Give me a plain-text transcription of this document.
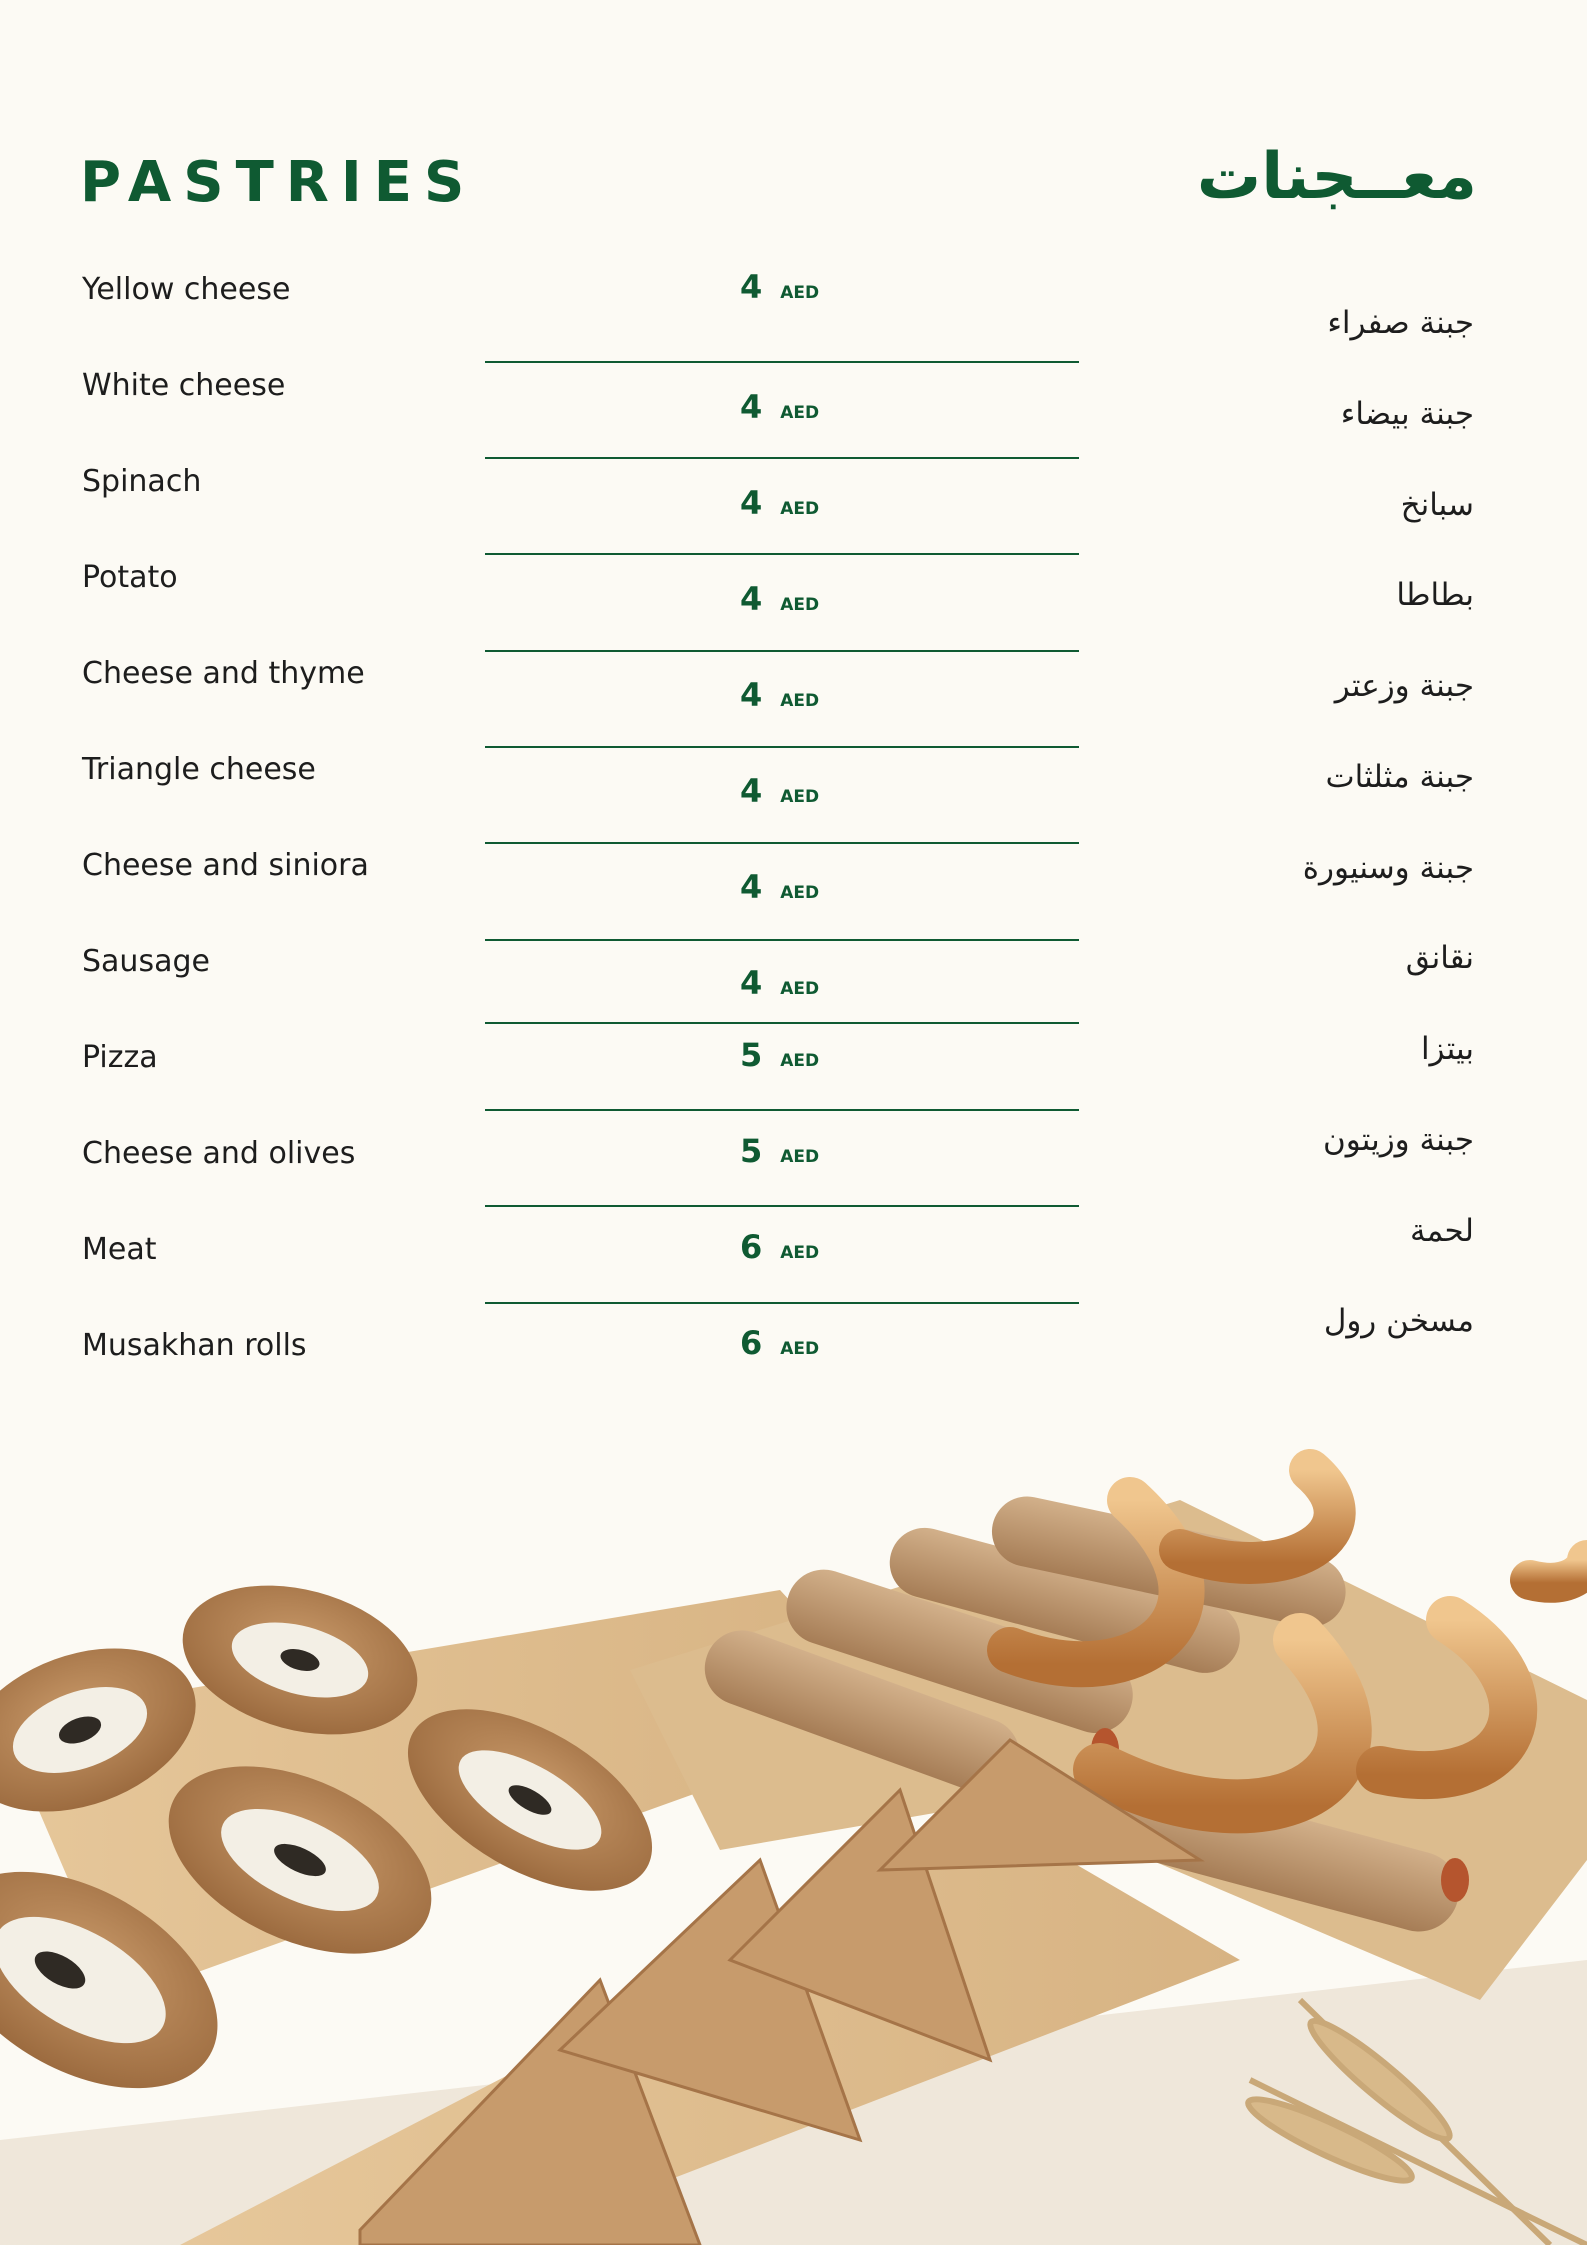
PASTRIES	معــجنات
Yellow cheese
White cheese
Spinach
Potato
Cheese and thyme
Triangle cheese
Cheese and siniora
Sausage
Pizza
Cheese and olives
Meat
Musakhan rolls
4 AED
4 AED
4 AED
4 AED
4 AED
4 AED
4 AED
4 AED
5 AED
5 AED
6 AED
6 AED
جبنة صفراء
جبنة بيضاء
سبانخ
بطاطا
جبنة وزعتر
جبنة مثلثات
جبنة وسنيورة
نقانق
بيتزا
جبنة وزيتون
لحمة
مسخن رول
